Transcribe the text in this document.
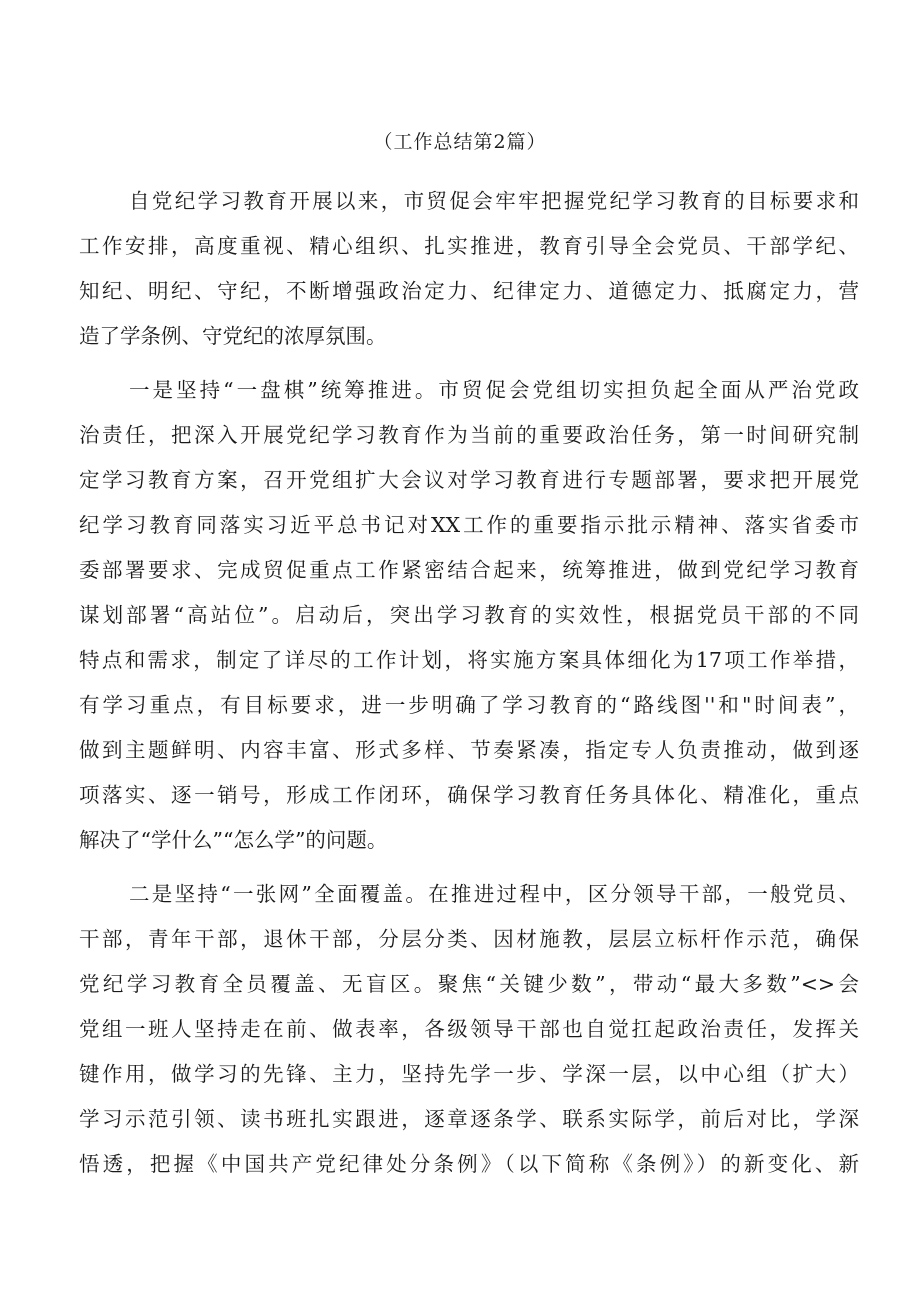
（工作总结第2篇）
自党纪学习教育开展以来，市贸促会牢牢把握党纪学习教育的目标要求和
工作安排，高度重视、精心组织、扎实推进，教育引导全会党员、干部学纪、
知纪、明纪、守纪，不断增强政治定力、纪律定力、道德定力、抵腐定力，营
造了学条例、守党纪的浓厚氛围。
一是坚持“一盘棋”统筹推进。市贸促会党组切实担负起全面从严治党政
治责任，把深入开展党纪学习教育作为当前的重要政治任务，第一时间研究制
定学习教育方案，召开党组扩大会议对学习教育进行专题部署，要求把开展党
纪学习教育同落实习近平总书记对XX工作的重要指示批示精神、落实省委市
委部署要求、完成贸促重点工作紧密结合起来，统筹推进，做到党纪学习教育
谋划部署“高站位”。启动后，突出学习教育的实效性，根据党员干部的不同
特点和需求，制定了详尽的工作计划，将实施方案具体细化为17项工作举措，
有学习重点，有目标要求，进一步明确了学习教育的“路线图''和"时间表”，
做到主题鲜明、内容丰富、形式多样、节奏紧凑，指定专人负责推动，做到逐
项落实、逐一销号，形成工作闭环，确保学习教育任务具体化、精准化，重点
解决了“学什么”“怎么学”的问题。
二是坚持“一张网”全面覆盖。在推进过程中，区分领导干部，一般党员、
干部，青年干部，退休干部，分层分类、因材施教，层层立标杆作示范，确保
党纪学习教育全员覆盖、无盲区。聚焦“关键少数”，带动“最大多数”<>会
党组一班人坚持走在前、做表率，各级领导干部也自觉扛起政治责任，发挥关
键作用，做学习的先锋、主力，坚持先学一步、学深一层，以中心组（扩大）
学习示范引领、读书班扎实跟进，逐章逐条学、联系实际学，前后对比，学深
悟透，把握《中国共产党纪律处分条例》（以下简称《条例》）的新变化、新
